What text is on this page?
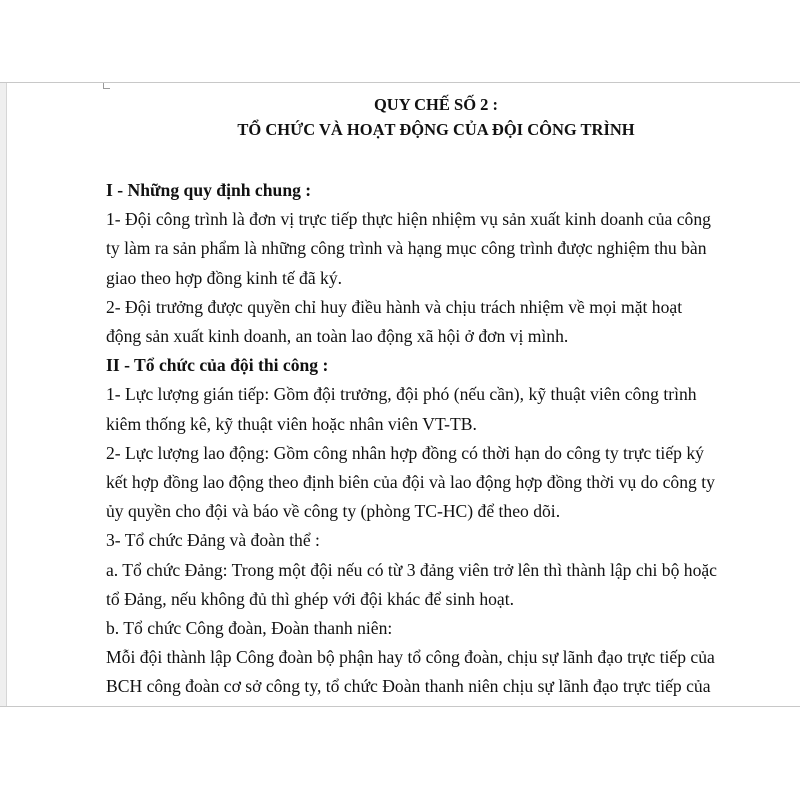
QUY CHẾ SỐ 2 :

TỔ CHỨC VÀ HOẠT ĐỘNG CỦA ĐỘI CÔNG TRÌNH

I - Những quy định chung :

1- Đội công trình là đơn vị trực tiếp thực hiện nhiệm vụ sản xuất kinh doanh của công

ty làm ra sản phẩm là những công trình và hạng mục công trình được nghiệm thu bàn

giao theo hợp đồng kinh tế đã ký.

2- Đội trưởng được quyền chỉ huy điều hành và chịu trách nhiệm về mọi mặt hoạt

động sản xuất kinh doanh, an toàn lao động xã hội ở đơn vị mình.

II - Tổ chức của đội thi công :

1- Lực lượng gián tiếp: Gồm đội trưởng, đội phó (nếu cần), kỹ thuật viên công trình

kiêm thống kê, kỹ thuật viên hoặc nhân viên VT-TB.

2- Lực lượng lao động: Gồm công nhân hợp đồng có thời hạn do công ty trực tiếp ký

kết hợp đồng lao động theo định biên của đội và lao động hợp đồng thời vụ do công ty

ủy quyền cho đội và báo về công ty (phòng TC-HC) để theo dõi.

3- Tổ chức Đảng và đoàn thể :

a. Tổ chức Đảng: Trong một đội nếu có từ 3 đảng viên trở lên thì thành lập chi bộ hoặc

tổ Đảng, nếu không đủ thì ghép với đội khác để sinh hoạt.

b. Tổ chức Công đoàn, Đoàn thanh niên:

Mỗi đội thành lập Công đoàn bộ phận hay tổ công đoàn, chịu sự lãnh đạo trực tiếp của

BCH công đoàn cơ sở công ty, tổ chức Đoàn thanh niên chịu sự lãnh đạo trực tiếp của
